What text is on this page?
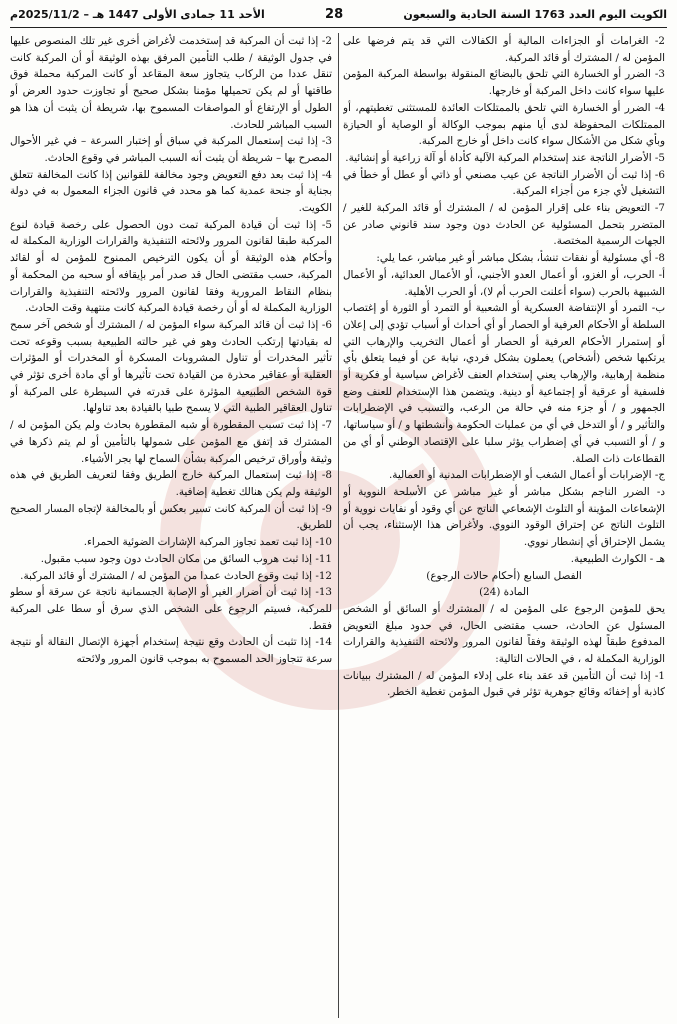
الكويت اليوم العدد 1763 السنة الحادية والسبعون
28
الأحد 11 جمادى الأولى 1447 هـ – 2025/11/2م

2- الغرامات أو الجزاءات المالية أو الكفالات التي قد يتم فرضها على المؤمن له / المشترك أو قائد المركبة.

3- الضرر أو الخسارة التي تلحق بالبضائع المنقولة بواسطة المركبة المؤمن عليها سواء كانت داخل المركبة أو خارجها.

4- الضرر أو الخسارة التي تلحق بالممتلكات العائدة للمستثنى تغطيتهم، أو الممتلكات المحفوظة لدى أيا منهم بموجب الوكالة أو الوصاية أو الحيازة وبأي شكل من الأشكال سواء كانت داخل أو خارج المركبة.

5- الأضرار الناتجة عند إستخدام المركبة الآلية كأداة أو آلة زراعية أو إنشائية.

6- إذا ثبت أن الأضرار الناتجة عن عيب مصنعي أو ذاتي أو عطل أو خطأ في التشغيل لأي جزء من أجزاء المركبة.

7- التعويض بناء على إقرار المؤمن له / المشترك أو قائد المركبة للغير /المتضرر بتحمل المسئولية عن الحادث دون وجود سند قانوني صادر عن الجهات الرسمية المختصة.

8- أي مسئولية أو نفقات تنشأ، بشكل مباشر أو غير مباشر، عما يلي:

أ- الحرب، أو الغزو، أو أعمال العدو الأجنبي، أو الأعمال العدائية، أو الأعمال الشبيهة بالحرب (سواء أعلنت الحرب أم لا)، أو الحرب الأهلية.

ب- التمرد أو الإنتفاضة العسكرية أو الشعبية أو التمرد أو الثورة أو إغتصاب السلطة أو الأحكام العرفية أو الحصار أو أي أحداث أو أسباب تؤدي إلى إعلان أو إستمرار الأحكام العرفية أو الحصار أو أعمال التخريب والإرهاب التي يرتكبها شخص (أشخاص) يعملون بشكل فردي، نيابة عن أو فيما يتعلق بأي منظمة إرهابية، والإرهاب يعني إستخدام العنف لأغراض سياسية أو فكرية أو فلسفية أو عرقية أو إجتماعية أو دينية. ويتضمن هذا الإستخدام للعنف وضع الجمهور و / أو جزء منه في حالة من الرعب، والتسبب في الإضطرابات والتأثير و / أو التدخل في أي من عمليات الحكومة وأنشطتها و / أو سياساتها، و / أو التسبب في أي إضطراب يؤثر سلبا على الإقتصاد الوطني أو أي من القطاعات ذات الصلة.

ج- الإضرابات أو أعمال الشغب أو الإضطرابات المدنية أو العمالية.

د- الضرر الناجم بشكل مباشر أو غير مباشر عن الأسلحة النووية أو الإشعاعات المؤينة أو التلوث الإشعاعي الناتج عن أي وقود أو نفايات نووية أو التلوث الناتج عن إحتراق الوقود النووي. ولأغراض هذا الإستثناء، يجب أن يشمل الإحتراق أي إنشطار نووي.

هـ - الكوارث الطبيعية.

الفصل السابع (أحكام حالات الرجوع)

المادة (24)

يحق للمؤمن الرجوع على المؤمن له / المشترك أو السائق أو الشخص المسئول عن الحادث، حسب مقتضى الحال، في حدود مبلغ التعويض المدفوع طبقاً لهذه الوثيقة وفقاً لقانون المرور ولائحته التنفيذية والقرارات الوزارية المكملة له ، في الحالات التالية:

1- إذا ثبت أن التأمين قد عقد بناء على إدلاء المؤمن له / المشترك ببيانات كاذبة أو إخفائه وقائع جوهرية تؤثر في قبول المؤمن تغطية الخطر.

2- إذا ثبت أن المركبة قد إستخدمت لأغراض أخرى غير تلك المنصوص عليها في جدول الوثيقة / طلب التأمين المرفق بهذه الوثيقة أو أن المركبة كانت تنقل عددا من الركاب يتجاوز سعة المقاعد أو كانت المركبة محملة فوق طاقتها أو لم يكن تحميلها مؤمنا بشكل صحيح أو تجاوزت حدود العرض أو الطول أو الإرتفاع أو المواصفات المسموح بها، شريطة أن يثبت أن هذا هو السبب المباشر للحادث.

3- إذا ثبت إستعمال المركبة في سباق أو إختبار السرعة – في غير الأحوال المصرح بها – شريطة أن يثبت أنه السبب المباشر في وقوع الحادث.

4- إذا ثبت بعد دفع التعويض وجود مخالفة للقوانين إذا كانت المخالفة تتعلق بجناية أو جنحة عمدية كما هو محدد في قانون الجزاء المعمول به في دولة الكويت.

5- إذا ثبت أن قيادة المركبة تمت دون الحصول على رخصة قيادة لنوع المركبة طبقا لقانون المرور ولائحته التنفيذية والقرارات الوزارية المكملة له وأحكام هذه الوثيقة أو أن يكون الترخيص الممنوح للمؤمن له أو لقائد المركبة، حسب مقتضى الحال قد صدر أمر بإيقافه أو سحبه من المحكمة أو بنظام النقاط المرورية وفقا لقانون المرور ولائحته التنفيذية والقرارات الوزارية المكملة له أو أن رخصة قيادة المركبة كانت منتهية وقت الحادث.

6- إذا ثبت أن قائد المركبة سواء المؤمن له / المشترك أو شخص آخر سمح له بقيادتها إرتكب الحادث وهو في غير حالته الطبيعية بسبب وقوعه تحت تأثير المخدرات أو تناول المشروبات المسكرة أو المخدرات أو المؤثرات العقلية أو عقاقير محذرة من القيادة تحت تأثيرها أو أي مادة أخرى تؤثر في قوة الشخص الطبيعية المؤثرة على قدرته في السيطرة على المركبة أو تناول العقاقير الطبية التي لا يسمح طبيا بالقيادة بعد تناولها.

7- إذا ثبت تسبب المقطورة أو شبه المقطورة بحادث ولم يكن المؤمن له / المشترك قد إتفق مع المؤمن على شمولها بالتأمين أو لم يتم ذكرها في وثيقة وأوراق ترخيص المركبة بشأن السماح لها بجر الأشياء.

8- إذا ثبت إستعمال المركبة خارج الطريق وفقا لتعريف الطريق في هذه الوثيقة ولم يكن هنالك تغطية إضافية.

9- إذا ثبت أن المركبة كانت تسير بعكس أو بالمخالفة لإتجاه المسار الصحيح للطريق.

10- إذا ثبت تعمد تجاوز المركبة الإشارات الضوئية الحمراء.

11- إذا ثبت هروب السائق من مكان الحادث دون وجود سبب مقبول.

12- إذا ثبت وقوع الحادث عمدا من المؤمن له / المشترك أو قائد المركبة.

13- إذا ثبت أن أضرار الغير أو الإصابة الجسمانية ناتجة عن سرقة أو سطو للمركبة، فسيتم الرجوع على الشخص الذي سرق أو سطا على المركبة فقط.

14- إذا تثبت أن الحادث وقع نتيجة إستخدام أجهزة الإتصال النقالة أو نتيجة سرعة تتجاوز الحد المسموح به بموجب قانون المرور ولائحته
